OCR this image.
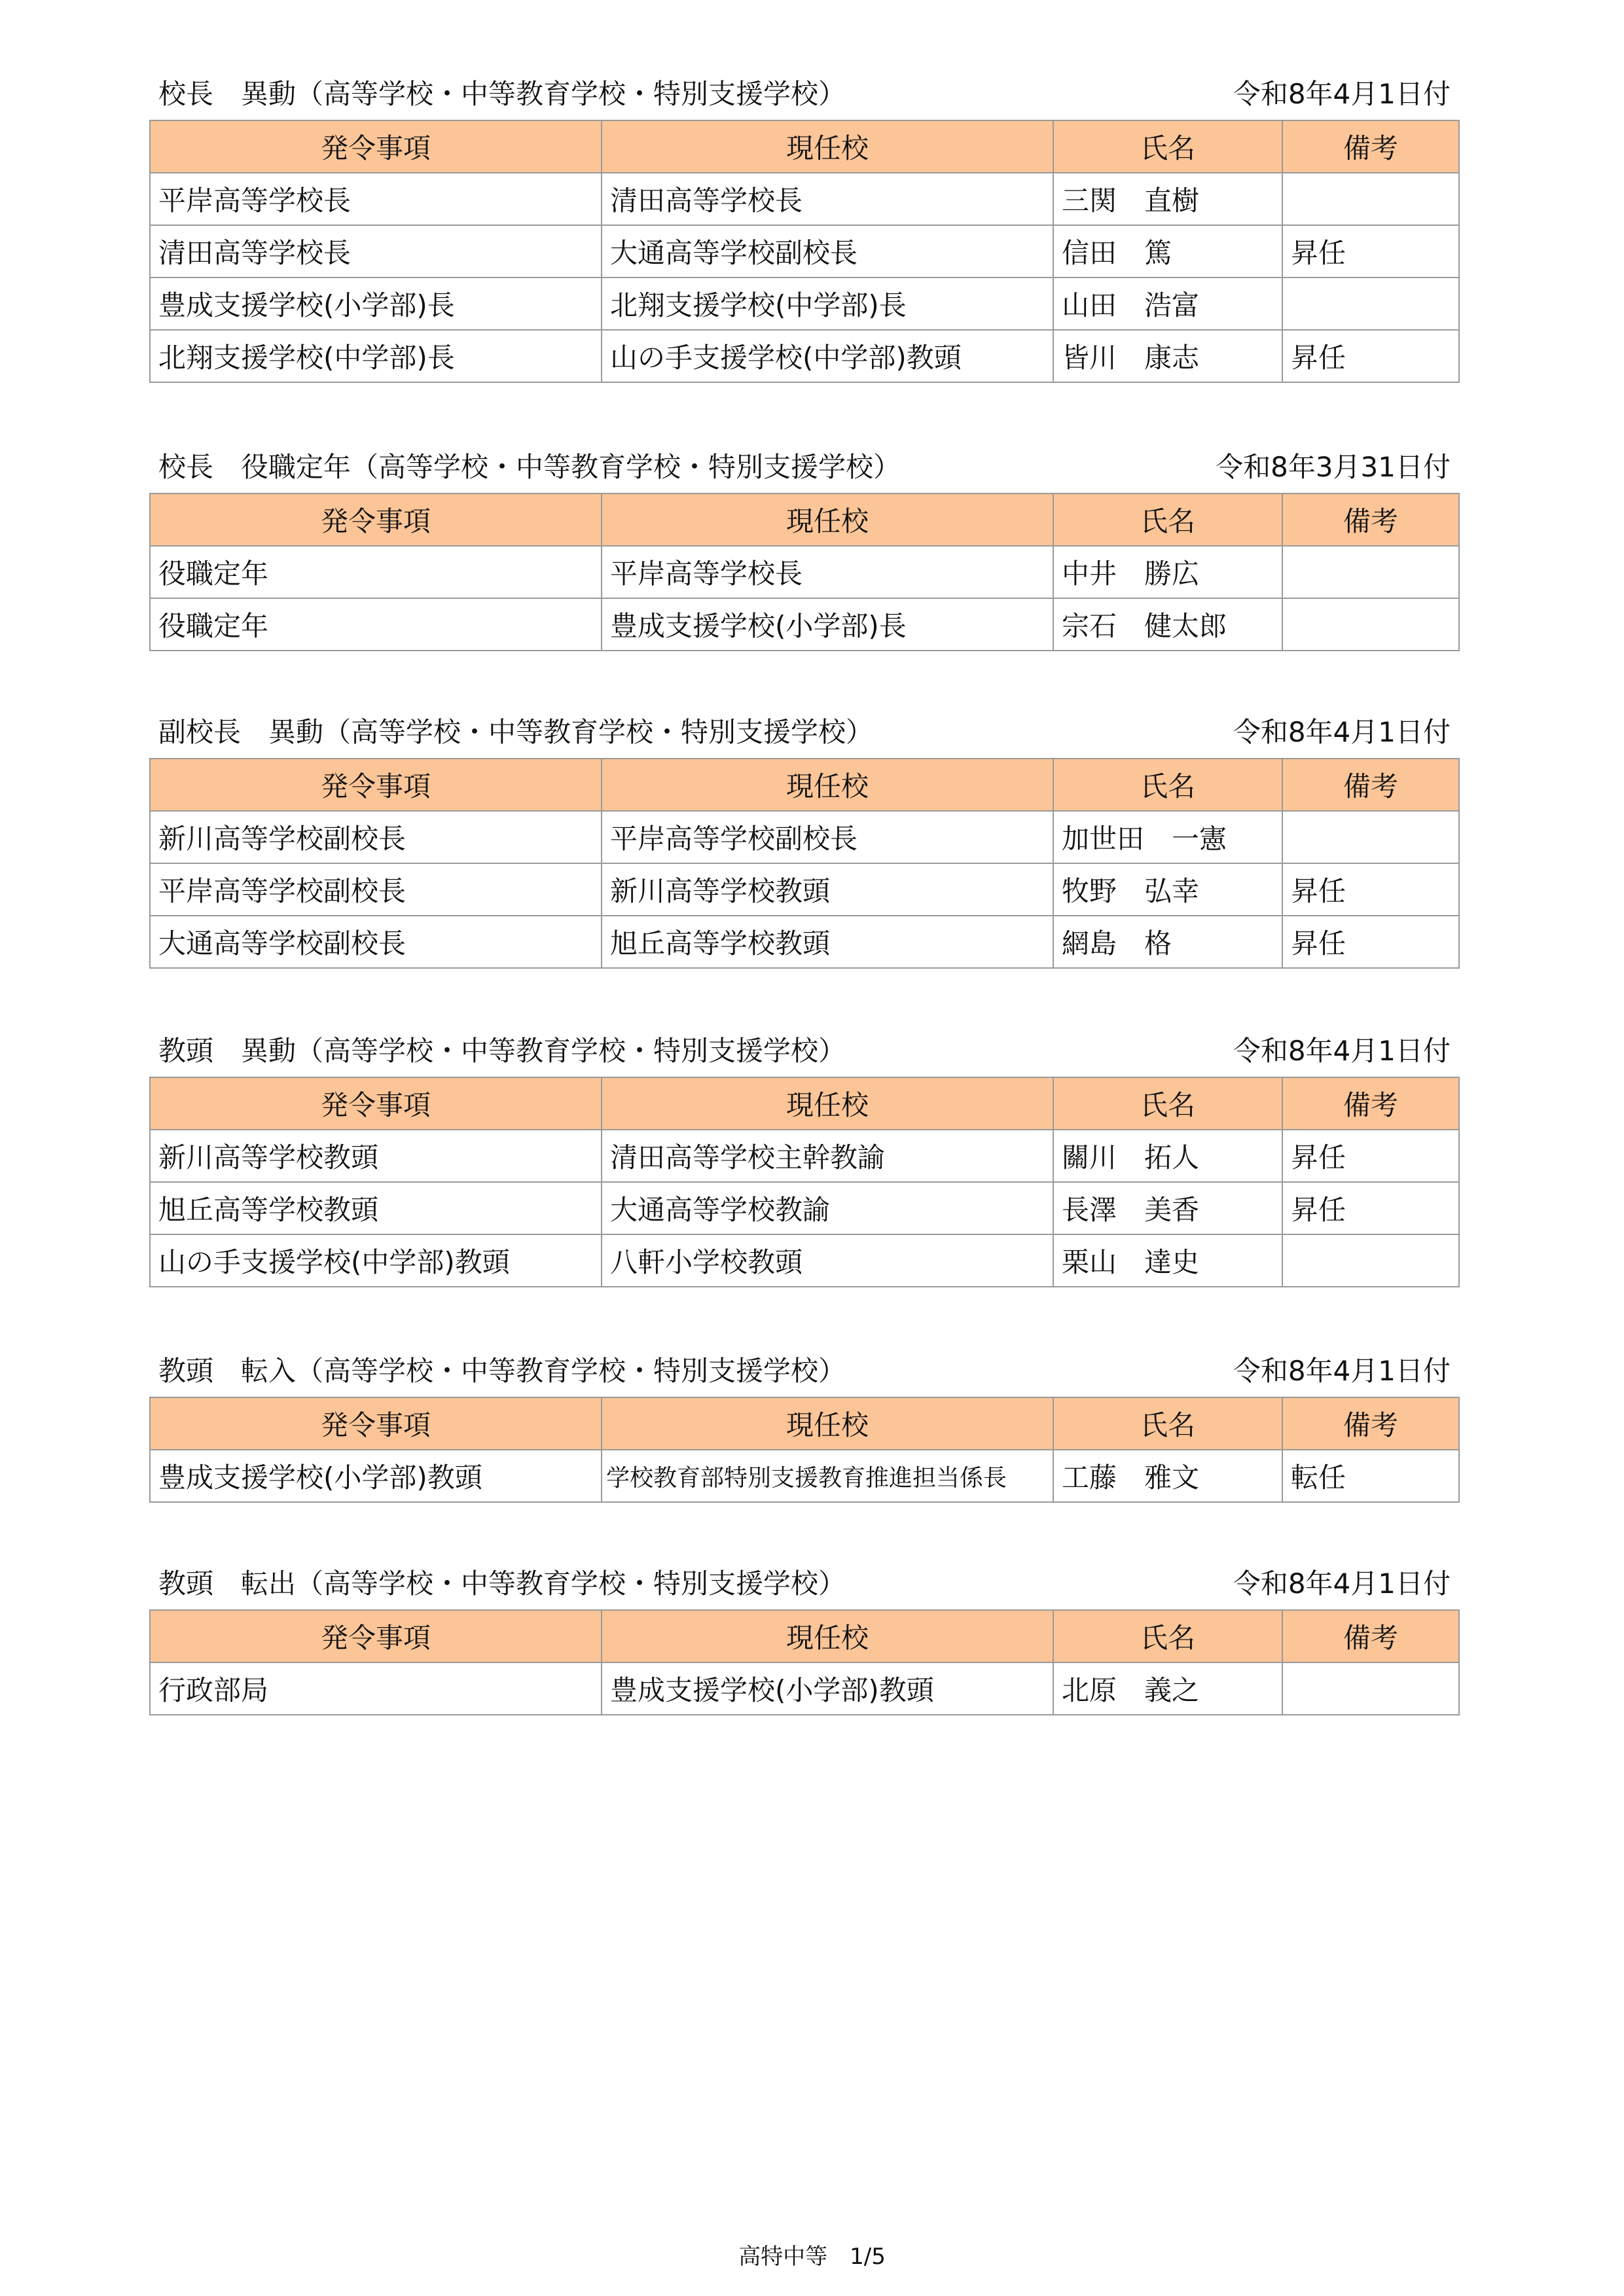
校長　異動（高等学校・中等教育学校・特別支援学校）	令和8年4月1日付
発令事項	現任校	氏名	備考
平岸高等学校長	清田高等学校長	三関　直樹	
清田高等学校長	大通高等学校副校長	信田　篤	昇任
豊成支援学校(小学部)長	北翔支援学校(中学部)長	山田　浩富	
北翔支援学校(中学部)長	山の手支援学校(中学部)教頭	皆川　康志	昇任
校長　役職定年（高等学校・中等教育学校・特別支援学校）	令和8年3月31日付
発令事項	現任校	氏名	備考
役職定年	平岸高等学校長	中井　勝広	
役職定年	豊成支援学校(小学部)長	宗石　健太郎	
副校長　異動（高等学校・中等教育学校・特別支援学校）	令和8年4月1日付
発令事項	現任校	氏名	備考
新川高等学校副校長	平岸高等学校副校長	加世田　一憲	
平岸高等学校副校長	新川高等学校教頭	牧野　弘幸	昇任
大通高等学校副校長	旭丘高等学校教頭	網島　格	昇任
教頭　異動（高等学校・中等教育学校・特別支援学校）	令和8年4月1日付
発令事項	現任校	氏名	備考
新川高等学校教頭	清田高等学校主幹教諭	關川　拓人	昇任
旭丘高等学校教頭	大通高等学校教諭	長澤　美香	昇任
山の手支援学校(中学部)教頭	八軒小学校教頭	栗山　達史	
教頭　転入（高等学校・中等教育学校・特別支援学校）	令和8年4月1日付
発令事項	現任校	氏名	備考
豊成支援学校(小学部)教頭	学校教育部特別支援教育推進担当係長	工藤　雅文	転任
教頭　転出（高等学校・中等教育学校・特別支援学校）	令和8年4月1日付
発令事項	現任校	氏名	備考
行政部局	豊成支援学校(小学部)教頭	北原　義之	
高特中等　1/5
